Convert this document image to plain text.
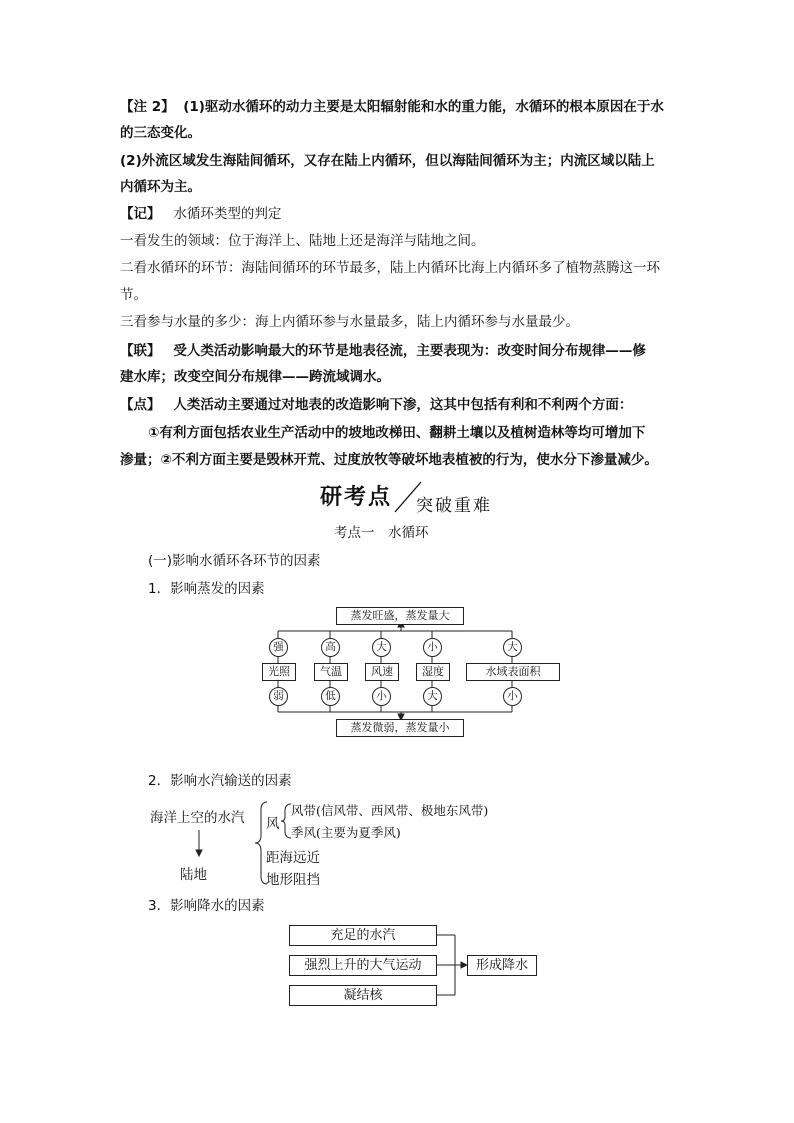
【注 2】 (1)驱动水循环的动力主要是太阳辐射能和水的重力能，水循环的根本原因在于水
的三态变化。
(2)外流区域发生海陆间循环，又存在陆上内循环，但以海陆间循环为主；内流区域以陆上
内循环为主。
【记】 水循环类型的判定
一看发生的领域：位于海洋上、陆地上还是海洋与陆地之间。
二看水循环的环节：海陆间循环的环节最多，陆上内循环比海上内循环多了植物蒸腾这一环
节。
三看参与水量的多少：海上内循环参与水量最多，陆上内循环参与水量最少。
【联】 受人类活动影响最大的环节是地表径流，主要表现为：改变时间分布规律——修
建水库；改变空间分布规律——跨流域调水。
【点】 人类活动主要通过对地表的改造影响下渗，这其中包括有利和不利两个方面：
①有利方面包括农业生产活动中的坡地改梯田、翻耕土壤以及植树造林等均可增加下
渗量；②不利方面主要是毁林开荒、过度放牧等破坏地表植被的行为，使水分下渗量减少。
研考点 突破重难
考点一　水循环
(一)影响水循环各环节的因素
1．影响蒸发的因素
蒸发旺盛，蒸发量大
强	高	大	小	大
光照	气温	风速	湿度	水域表面积
弱	低	小	大	小
蒸发微弱，蒸发量小
2．影响水汽输送的因素
海洋上空的水汽
陆地
风
风带(信风带、西风带、极地东风带)
季风(主要为夏季风)
距海远近
地形阻挡
3．影响降水的因素
充足的水汽
强烈上升的大气运动
凝结核
形成降水
